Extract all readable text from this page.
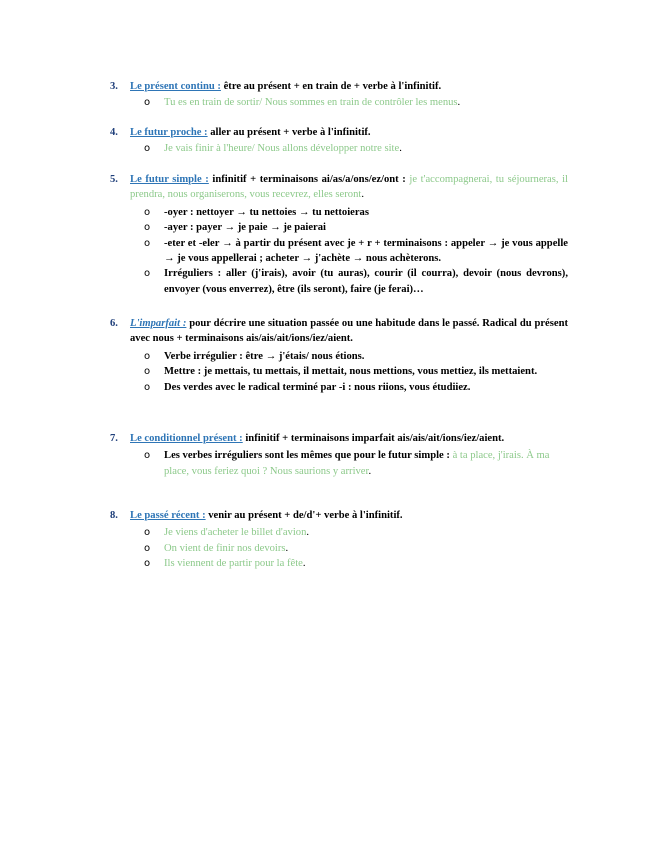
3. Le présent continu : être au présent + en train de + verbe à l'infinitif.
o Tu es en train de sortir/ Nous sommes en train de contrôler les menus.
4. Le futur proche : aller au présent + verbe à l'infinitif.
o Je vais finir à l'heure/ Nous allons développer notre site.
5. Le futur simple : infinitif + terminaisons ai/as/a/ons/ez/ont : je t'accompagnerai, tu séjourneras, il prendra, nous organiserons, vous recevrez, elles seront.
o -oyer : nettoyer → tu nettoies → tu nettoieras
o -ayer : payer → je paie → je paierai
o -eter et -eler → à partir du présent avec je + r + terminaisons : appeler → je vous appelle → je vous appellerai ; acheter → j'achète → nous achèterons.
o Irréguliers : aller (j'irais), avoir (tu auras), courir (il courra), devoir (nous devrons), envoyer (vous enverrez), être (ils seront), faire (je ferai)…
6. L'imparfait : pour décrire une situation passée ou une habitude dans le passé. Radical du présent avec nous + terminaisons ais/ais/ait/ions/iez/aient.
o Verbe irrégulier : être → j'étais/ nous étions.
o Mettre : je mettais, tu mettais, il mettait, nous mettions, vous mettiez, ils mettaient.
o Des verdes avec le radical terminé par -i : nous riions, vous étudiiez.
7. Le conditionnel présent : infinitif + terminaisons imparfait ais/ais/ait/ions/iez/aient.
o Les verbes irréguliers sont les mêmes que pour le futur simple : à ta place, j'irais. À ma place, vous feriez quoi ? Nous saurions y arriver.
8. Le passé récent : venir au présent + de/d'+ verbe à l'infinitif.
o Je viens d'acheter le billet d'avion.
o On vient de finir nos devoirs.
o Ils viennent de partir pour la fête.
